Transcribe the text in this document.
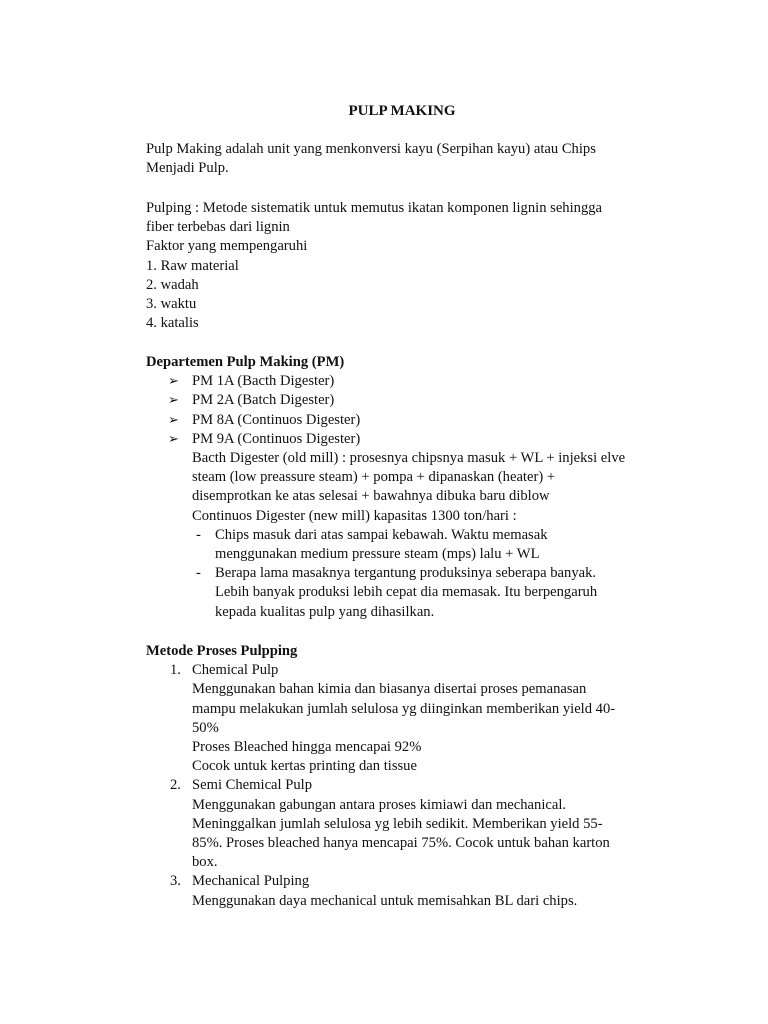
PULP MAKING
Pulp Making adalah unit yang menkonversi kayu (Serpihan kayu) atau Chips
Menjadi Pulp.
Pulping : Metode sistematik untuk memutus ikatan komponen lignin sehingga
fiber terbebas dari lignin
Faktor yang mempengaruhi
1. Raw material
2. wadah
3. waktu
4. katalis
Departemen Pulp Making (PM)
➢ PM 1A (Bacth Digester)
➢ PM 2A (Batch Digester)
➢ PM 8A (Continuos Digester)
➢ PM 9A (Continuos Digester)
Bacth Digester (old mill) : prosesnya chipsnya masuk + WL + injeksi elve
steam (low preassure steam) + pompa + dipanaskan (heater) +
disemprotkan ke atas selesai + bawahnya dibuka baru diblow
Continuos Digester (new mill) kapasitas 1300 ton/hari :
- Chips masuk dari atas sampai kebawah. Waktu memasak
menggunakan medium pressure steam (mps) lalu + WL
- Berapa lama masaknya tergantung produksinya seberapa banyak.
Lebih banyak produksi lebih cepat dia memasak. Itu berpengaruh
kepada kualitas pulp yang dihasilkan.
Metode Proses Pulpping
1. Chemical Pulp
Menggunakan bahan kimia dan biasanya disertai proses pemanasan
mampu melakukan jumlah selulosa yg diinginkan memberikan yield 40-
50%
Proses Bleached hingga mencapai 92%
Cocok untuk kertas printing dan tissue
2. Semi Chemical Pulp
Menggunakan gabungan antara proses kimiawi dan mechanical.
Meninggalkan jumlah selulosa yg lebih sedikit. Memberikan yield 55-
85%. Proses bleached hanya mencapai 75%. Cocok untuk bahan karton
box.
3. Mechanical Pulping
Menggunakan daya mechanical untuk memisahkan BL dari chips.
